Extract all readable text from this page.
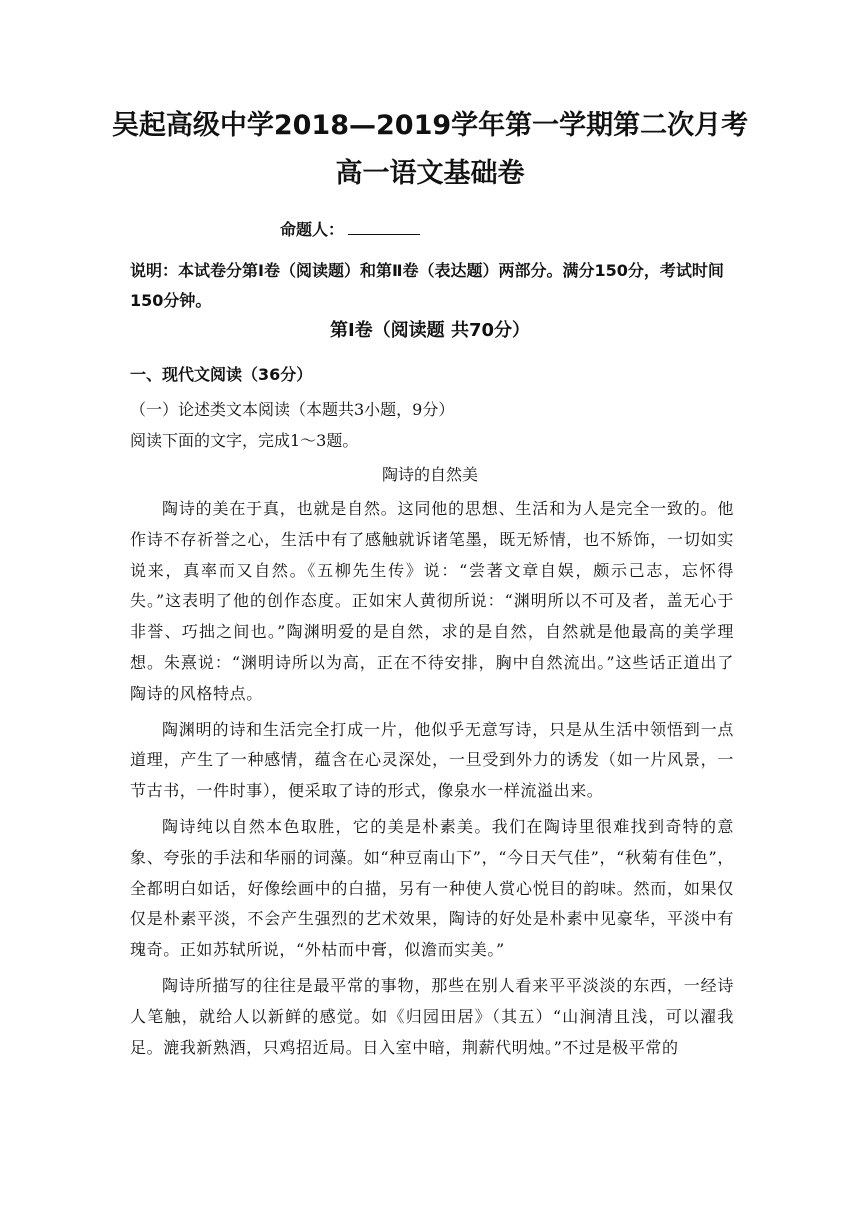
吴起高级中学2018—2019学年第一学期第二次月考
高一语文基础卷
命题人：
说明：本试卷分第Ⅰ卷（阅读题）和第Ⅱ卷（表达题）两部分。满分150分，考试时间150分钟。
第Ⅰ卷（阅读题 共70分）
一、现代文阅读（36分）
（一）论述类文本阅读（本题共3小题，9分）
阅读下面的文字，完成1～3题。
陶诗的自然美

陶诗的美在于真，也就是自然。这同他的思想、生活和为人是完全一致的。他作诗不存祈誉之心，生活中有了感触就诉诸笔墨，既无矫情，也不矫饰，一切如实说来，真率而又自然。《五柳先生传》说：“尝著文章自娱，颇示己志，忘怀得失。”这表明了他的创作态度。正如宋人黄彻所说：“渊明所以不可及者，盖无心于非誉、巧拙之间也。”陶渊明爱的是自然，求的是自然，自然就是他最高的美学理想。朱熹说：“渊明诗所以为高，正在不待安排，胸中自然流出。”这些话正道出了陶诗的风格特点。

陶渊明的诗和生活完全打成一片，他似乎无意写诗，只是从生活中领悟到一点道理，产生了一种感情，蕴含在心灵深处，一旦受到外力的诱发（如一片风景，一节古书，一件时事），便采取了诗的形式，像泉水一样流溢出来。

陶诗纯以自然本色取胜，它的美是朴素美。我们在陶诗里很难找到奇特的意象、夸张的手法和华丽的词藻。如“种豆南山下”，“今日天气佳”，“秋菊有佳色”，全都明白如话，好像绘画中的白描，另有一种使人赏心悦目的韵味。然而，如果仅仅是朴素平淡，不会产生强烈的艺术效果，陶诗的好处是朴素中见豪华，平淡中有瑰奇。正如苏轼所说，“外枯而中膏，似澹而实美。”

陶诗所描写的往往是最平常的事物，那些在别人看来平平淡淡的东西，一经诗人笔触，就给人以新鲜的感觉。如《归园田居》（其五）“山涧清且浅，可以濯我足。漉我新熟酒，只鸡招近局。日入室中暗，荆薪代明烛。”不过是极平常的
